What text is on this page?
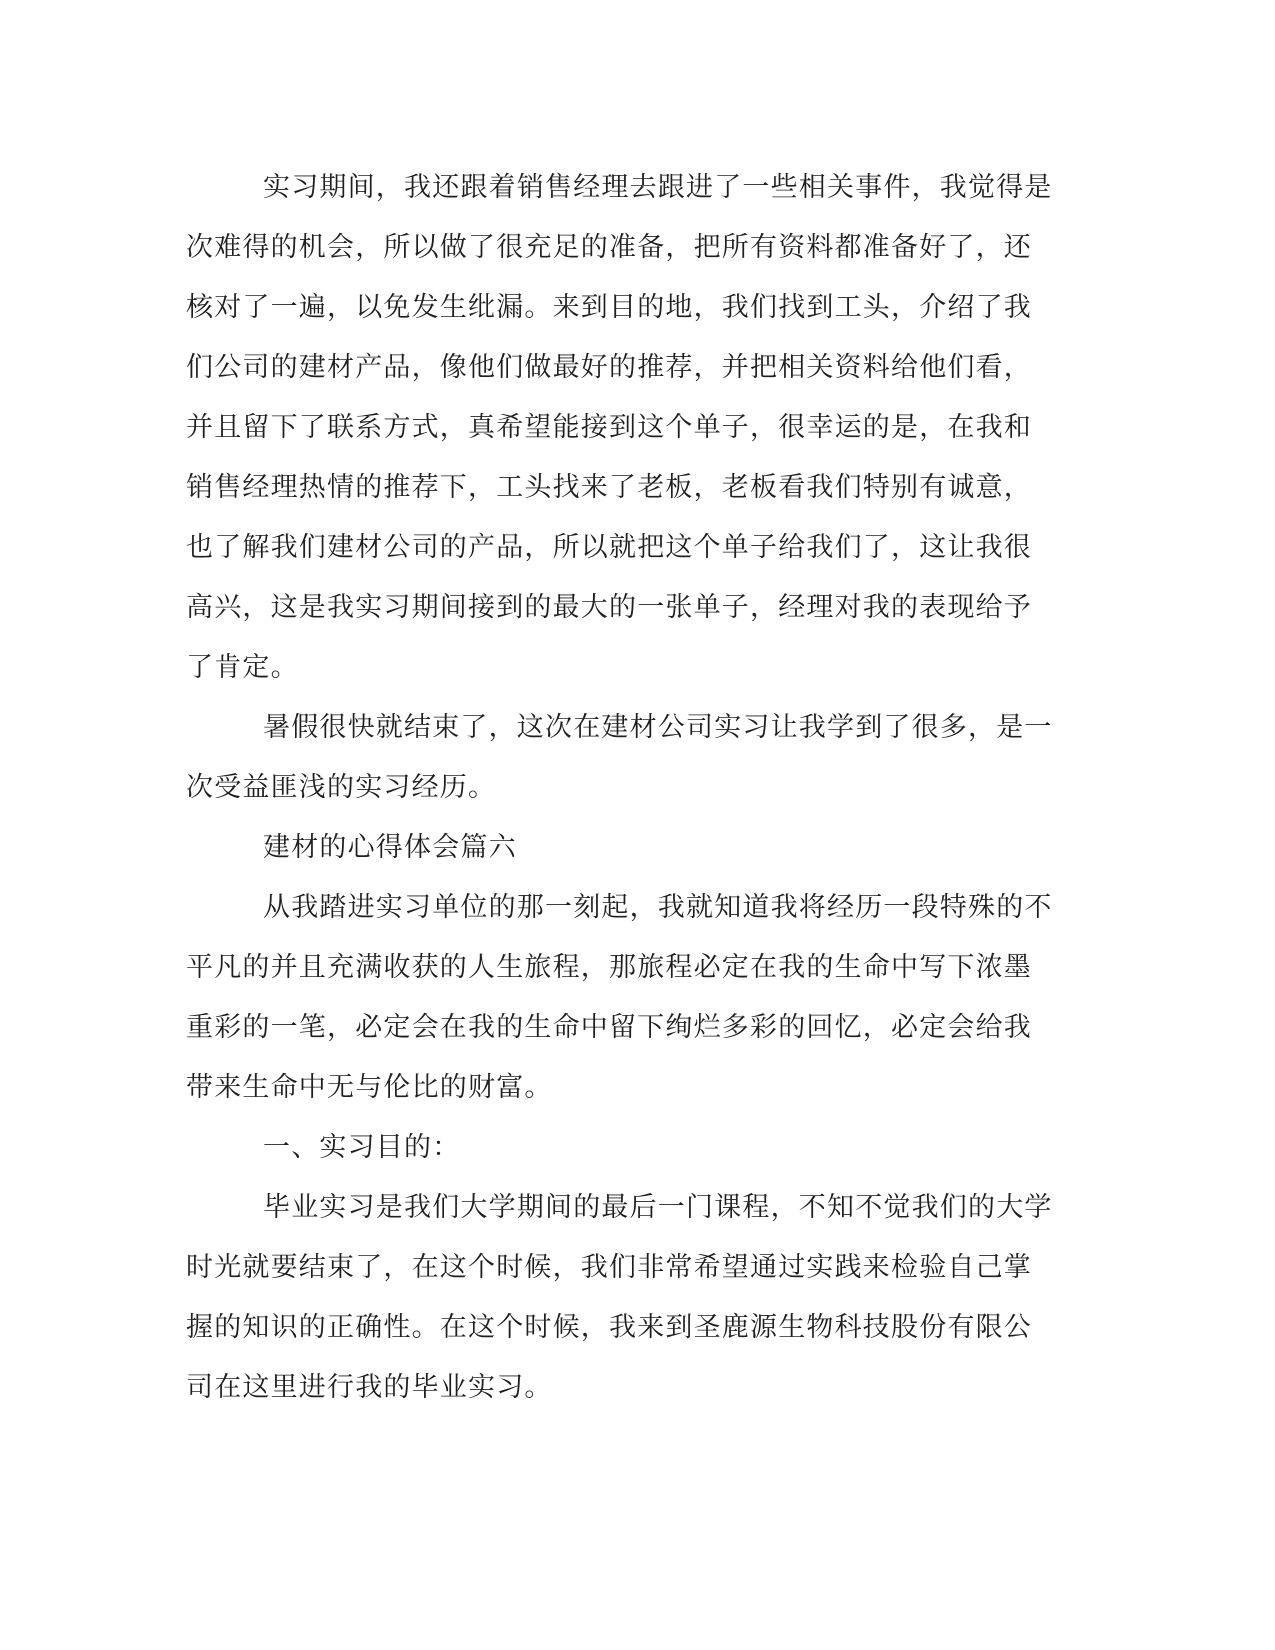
实习期间，我还跟着销售经理去跟进了一些相关事件，我觉得是
次难得的机会，所以做了很充足的准备，把所有资料都准备好了，还
核对了一遍，以免发生纰漏。来到目的地，我们找到工头，介绍了我
们公司的建材产品，像他们做最好的推荐，并把相关资料给他们看，
并且留下了联系方式，真希望能接到这个单子，很幸运的是，在我和
销售经理热情的推荐下，工头找来了老板，老板看我们特别有诚意，
也了解我们建材公司的产品，所以就把这个单子给我们了，这让我很
高兴，这是我实习期间接到的最大的一张单子，经理对我的表现给予
了肯定。
暑假很快就结束了，这次在建材公司实习让我学到了很多，是一
次受益匪浅的实习经历。
建材的心得体会篇六
从我踏进实习单位的那一刻起，我就知道我将经历一段特殊的不
平凡的并且充满收获的人生旅程，那旅程必定在我的生命中写下浓墨
重彩的一笔，必定会在我的生命中留下绚烂多彩的回忆，必定会给我
带来生命中无与伦比的财富。
一、实习目的：
毕业实习是我们大学期间的最后一门课程，不知不觉我们的大学
时光就要结束了，在这个时候，我们非常希望通过实践来检验自己掌
握的知识的正确性。在这个时候，我来到圣鹿源生物科技股份有限公
司在这里进行我的毕业实习。
